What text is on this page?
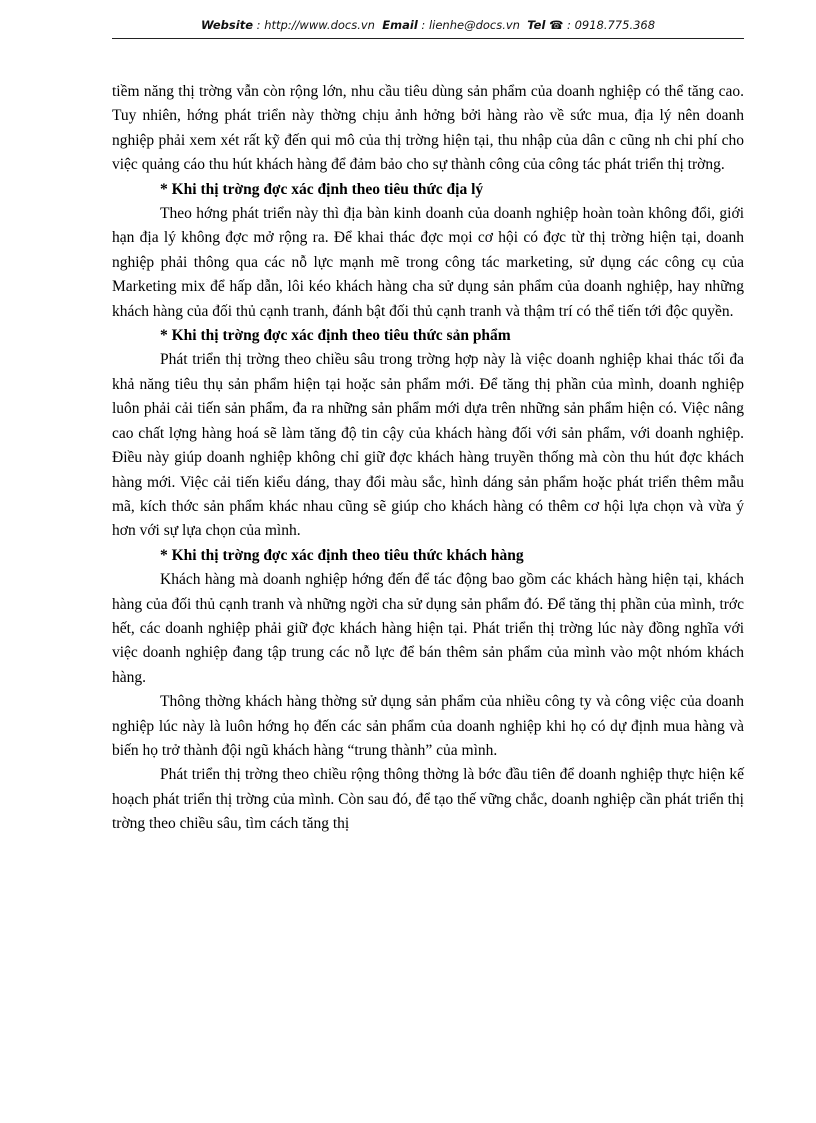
Website : http://www.docs.vn Email : lienhe@docs.vn Tel ☎ : 0918.775.368

tiềm năng thị trờng vẫn còn rộng lớn, nhu cầu tiêu dùng sản phẩm của doanh nghiệp có thể tăng cao. Tuy nhiên, hớng phát triển này thờng chịu ảnh hởng bởi hàng rào về sức mua, địa lý nên doanh nghiệp phải xem xét rất kỹ đến qui mô của thị trờng hiện tại, thu nhập của dân c cũng nh chi phí cho việc quảng cáo thu hút khách hàng để đảm bảo cho sự thành công của công tác phát triển thị trờng.

* Khi thị trờng đợc xác định theo tiêu thức địa lý

Theo hớng phát triển này thì địa bàn kinh doanh của doanh nghiệp hoàn toàn không đổi, giới hạn địa lý không đợc mở rộng ra. Để khai thác đợc mọi cơ hội có đợc từ thị trờng hiện tại, doanh nghiệp phải thông qua các nỗ lực mạnh mẽ trong công tác marketing, sử dụng các công cụ của Marketing mix để hấp dẫn, lôi kéo khách hàng cha sử dụng sản phẩm của doanh nghiệp, hay những khách hàng của đối thủ cạnh tranh, đánh bật đối thủ cạnh tranh và thậm trí có thể tiến tới độc quyền.

* Khi thị trờng đợc xác định theo tiêu thức sản phẩm

Phát triển thị trờng theo chiều sâu trong trờng hợp này là việc doanh nghiệp khai thác tối đa khả năng tiêu thụ sản phẩm hiện tại hoặc sản phẩm mới. Để tăng thị phần của mình, doanh nghiệp luôn phải cải tiến sản phẩm, đa ra những sản phẩm mới dựa trên những sản phẩm hiện có. Việc nâng cao chất lợng hàng hoá sẽ làm tăng độ tin cậy của khách hàng đối với sản phẩm, với doanh nghiệp. Điều này giúp doanh nghiệp không chỉ giữ đợc khách hàng truyền thống mà còn thu hút đợc khách hàng mới. Việc cải tiến kiểu dáng, thay đổi màu sắc, hình dáng sản phẩm hoặc phát triển thêm mẫu mã, kích thớc sản phẩm khác nhau cũng sẽ giúp cho khách hàng có thêm cơ hội lựa chọn và vừa ý hơn với sự lựa chọn của mình.

* Khi thị trờng đợc xác định theo tiêu thức khách hàng

Khách hàng mà doanh nghiệp hớng đến để tác động bao gồm các khách hàng hiện tại, khách hàng của đối thủ cạnh tranh và những ngời cha sử dụng sản phẩm đó. Để tăng thị phần của mình, trớc hết, các doanh nghiệp phải giữ đợc khách hàng hiện tại. Phát triển thị trờng lúc này đồng nghĩa với việc doanh nghiệp đang tập trung các nỗ lực để bán thêm sản phẩm của mình vào một nhóm khách hàng.

Thông thờng khách hàng thờng sử dụng sản phẩm của nhiều công ty và công việc của doanh nghiệp lúc này là luôn hớng họ đến các sản phẩm của doanh nghiệp khi họ có dự định mua hàng và biến họ trở thành đội ngũ khách hàng “trung thành” của mình.

Phát triển thị trờng theo chiều rộng thông thờng là bớc đầu tiên để doanh nghiệp thực hiện kế hoạch phát triển thị trờng của mình. Còn sau đó, để tạo thế vững chắc, doanh nghiệp cần phát triển thị trờng theo chiều sâu, tìm cách tăng thị
